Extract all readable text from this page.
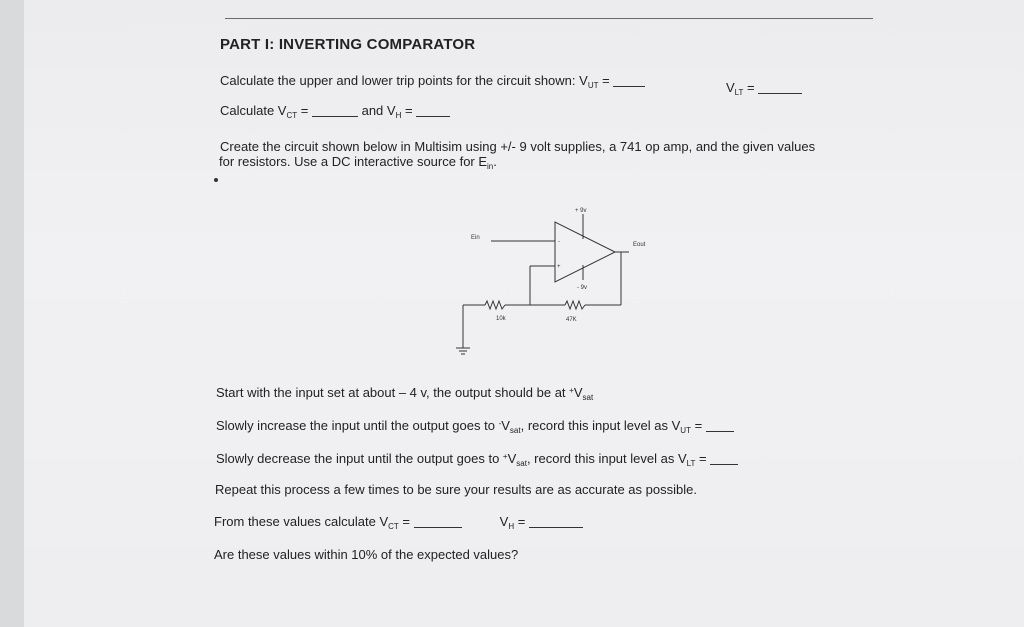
PART I: INVERTING COMPARATOR
Calculate the upper and lower trip points for the circuit shown: $V_{UT}$ =	$V_{LT}$ =
Calculate $V_{CT}$ =	and $V_H$ =
Create the circuit shown below in Multisim using +/- 9 volt supplies, a 741 op amp, and the given values
for resistors. Use a DC interactive source for $E_{in}$.
Ein
Eout
+ 9v
- 9v
10k	47K
-
+
Start with the input set at about – 4 v, the output should be at $^+V_{sat}$
Slowly increase the input until the output goes to $^-V_{sat}$, record this input level as $V_{UT}$ =
Slowly decrease the input until the output goes to $^+V_{sat}$, record this input level as $V_{LT}$ =
Repeat this process a few times to be sure your results are as accurate as possible.
From these values calculate $V_{CT}$ =	$V_H$ =
Are these values within 10% of the expected values?
